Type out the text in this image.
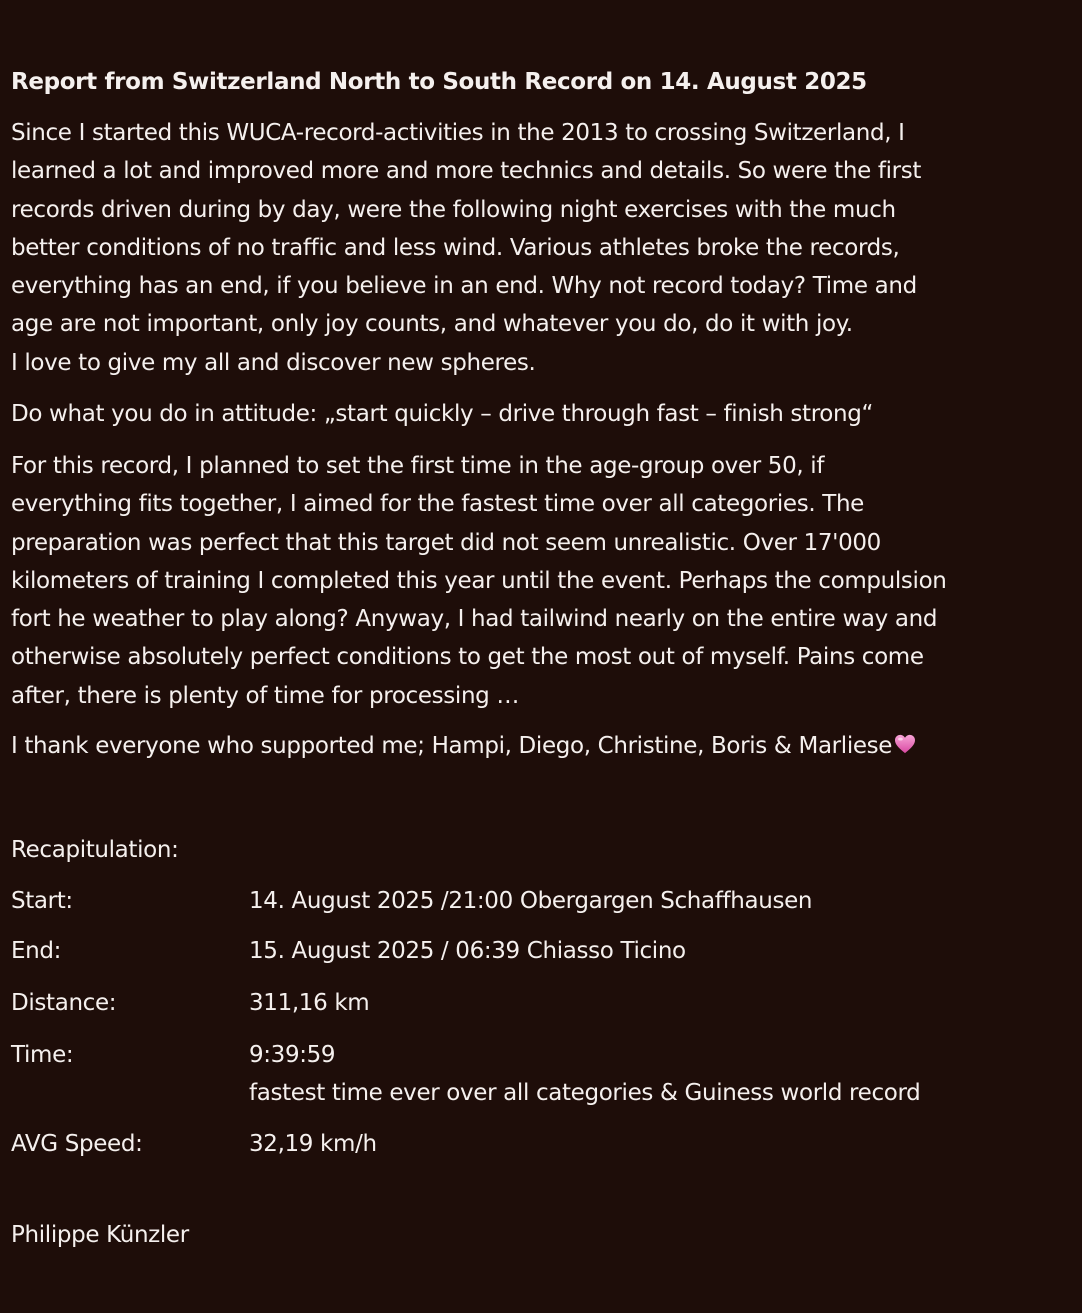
Report from Switzerland North to South Record on 14. August 2025

Since I started this WUCA-record-activities in the 2013 to crossing Switzerland, I
learned a lot and improved more and more technics and details. So were the first
records driven during by day, were the following night exercises with the much
better conditions of no traffic and less wind. Various athletes broke the records,
everything has an end, if you believe in an end. Why not record today? Time and
age are not important, only joy counts, and whatever you do, do it with joy.
I love to give my all and discover new spheres.

Do what you do in attitude: „start quickly – drive through fast – finish strong“

For this record, I planned to set the first time in the age-group over 50, if
everything fits together, I aimed for the fastest time over all categories. The
preparation was perfect that this target did not seem unrealistic. Over 17'000
kilometers of training I completed this year until the event. Perhaps the compulsion
fort he weather to play along? Anyway, I had tailwind nearly on the entire way and
otherwise absolutely perfect conditions to get the most out of myself. Pains come
after, there is plenty of time for processing …

I thank everyone who supported me; Hampi, Diego, Christine, Boris & Marliese

Recapitulation:
Start:	14. August 2025 /21:00 Obergargen Schaffhausen
End:	15. August 2025 / 06:39 Chiasso Ticino
Distance:	311,16 km
Time:	9:39:59
fastest time ever over all categories & Guiness world record
AVG Speed:	32,19 km/h
Philippe Künzler
